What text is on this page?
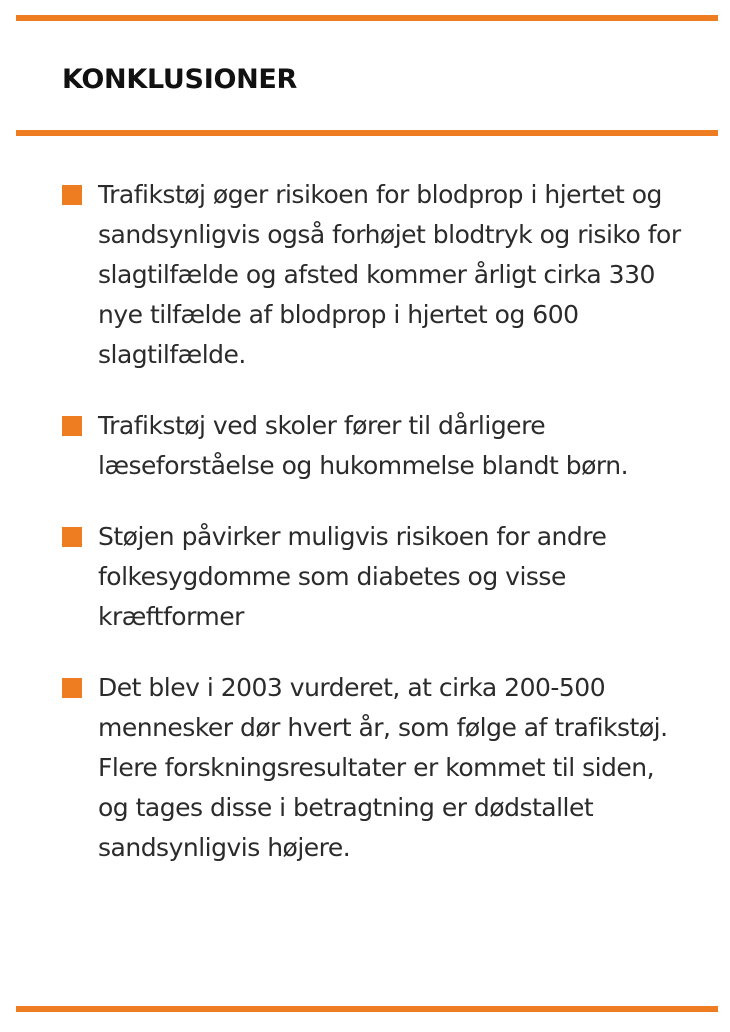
KONKLUSIONER
Trafikstøj øger risikoen for blodprop i hjertet og sandsynligvis også forhøjet blodtryk og risiko for slagtilfælde og afsted kommer årligt cirka 330 nye tilfælde af blodprop i hjertet og 600 slagtilfælde.
Trafikstøj ved skoler fører til dårligere læseforståelse og hukommelse blandt børn.
Støjen påvirker muligvis risikoen for andre folkesygdomme som diabetes og visse kræftformer
Det blev i 2003 vurderet, at cirka 200-500 mennesker dør hvert år, som følge af trafikstøj. Flere forskningsresultater er kommet til siden, og tages disse i betragtning er dødstallet sandsynligvis højere.
